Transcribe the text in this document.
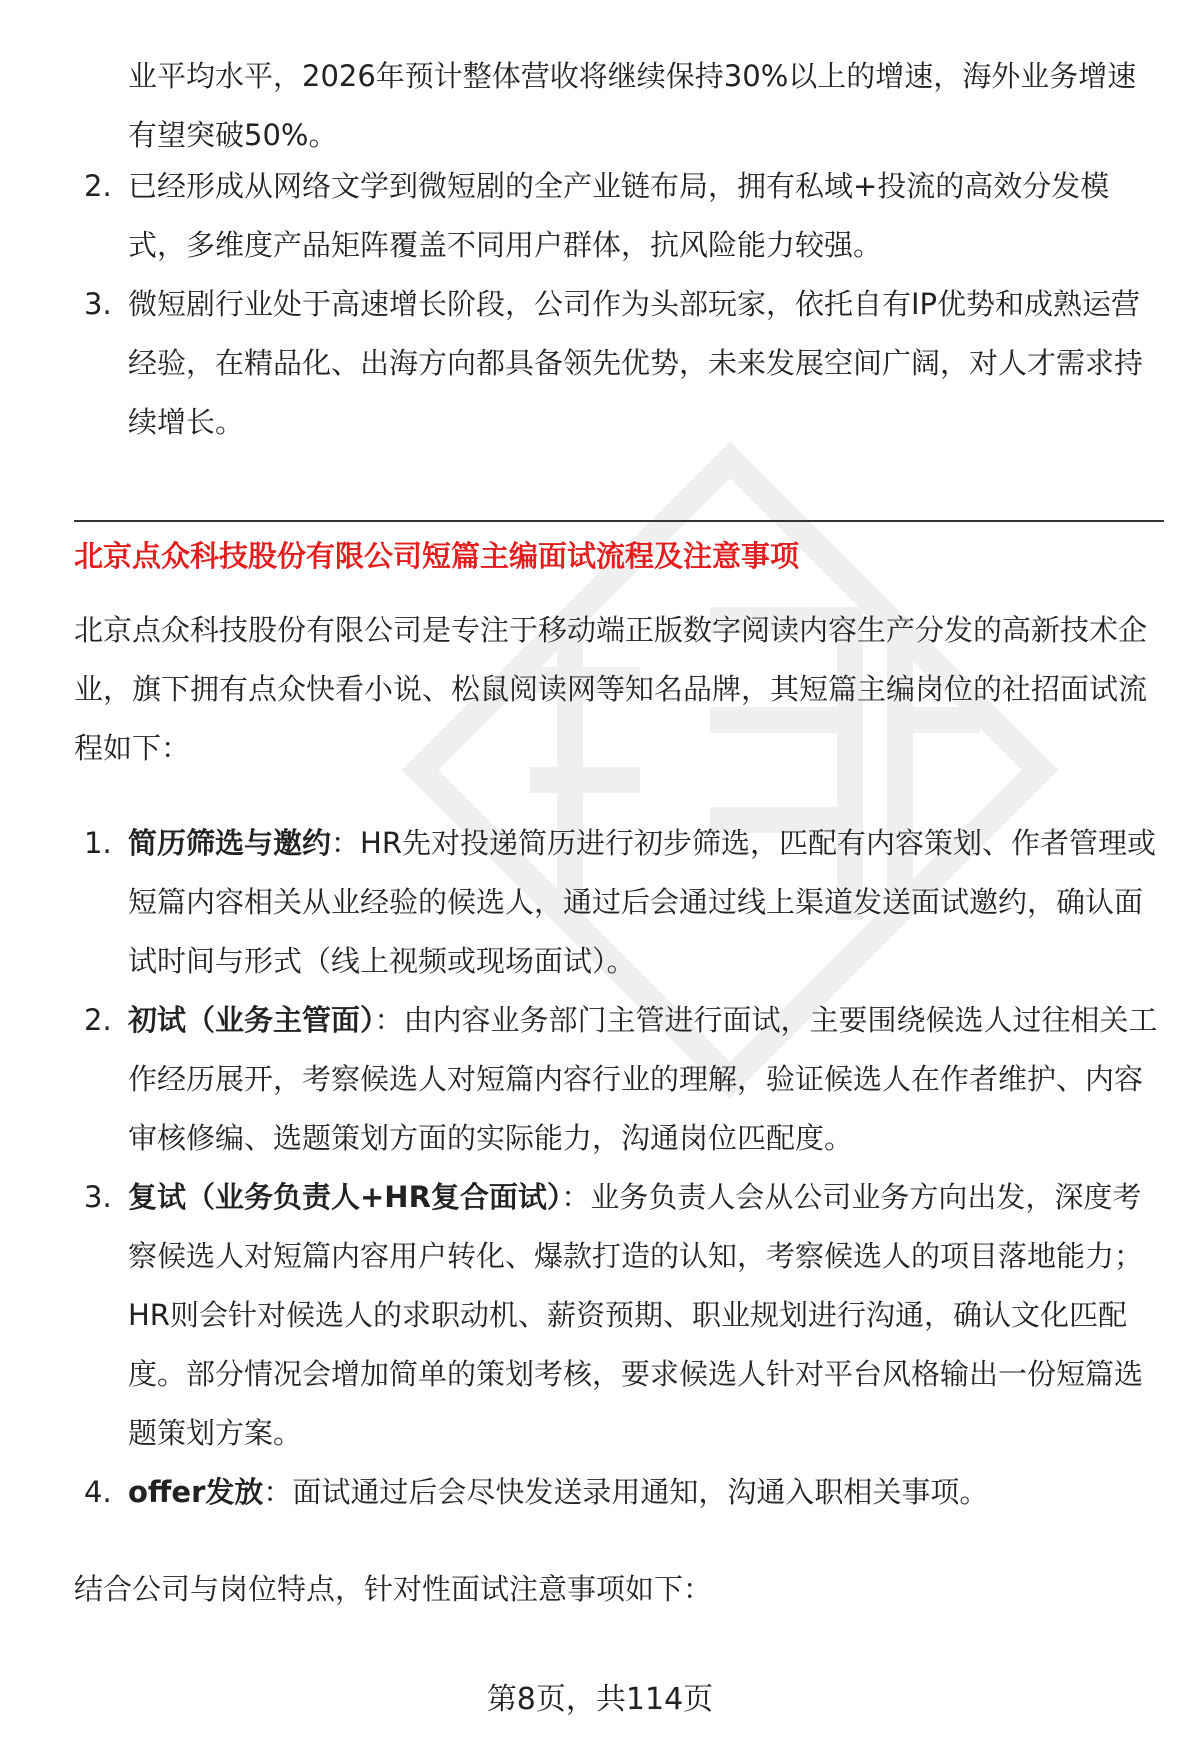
业平均水平，2026年预计整体营收将继续保持30%以上的增速，海外业务增速有望突破50%。
2. 已经形成从网络文学到微短剧的全产业链布局，拥有私域+投流的高效分发模式，多维度产品矩阵覆盖不同用户群体，抗风险能力较强。
3. 微短剧行业处于高速增长阶段，公司作为头部玩家，依托自有IP优势和成熟运营经验，在精品化、出海方向都具备领先优势，未来发展空间广阔，对人才需求持续增长。
北京点众科技股份有限公司短篇主编面试流程及注意事项
北京点众科技股份有限公司是专注于移动端正版数字阅读内容生产分发的高新技术企业，旗下拥有点众快看小说、松鼠阅读网等知名品牌，其短篇主编岗位的社招面试流程如下：
1. 简历筛选与邀约：HR先对投递简历进行初步筛选，匹配有内容策划、作者管理或短篇内容相关从业经验的候选人，通过后会通过线上渠道发送面试邀约，确认面试时间与形式（线上视频或现场面试）。
2. 初试（业务主管面）：由内容业务部门主管进行面试，主要围绕候选人过往相关工作经历展开，考察候选人对短篇内容行业的理解，验证候选人在作者维护、内容审核修编、选题策划方面的实际能力，沟通岗位匹配度。
3. 复试（业务负责人+HR复合面试）：业务负责人会从公司业务方向出发，深度考察候选人对短篇内容用户转化、爆款打造的认知，考察候选人的项目落地能力；HR则会针对候选人的求职动机、薪资预期、职业规划进行沟通，确认文化匹配度。部分情况会增加简单的策划考核，要求候选人针对平台风格输出一份短篇选题策划方案。
4. offer发放：面试通过后会尽快发送录用通知，沟通入职相关事项。
结合公司与岗位特点，针对性面试注意事项如下：
第8页，共114页
